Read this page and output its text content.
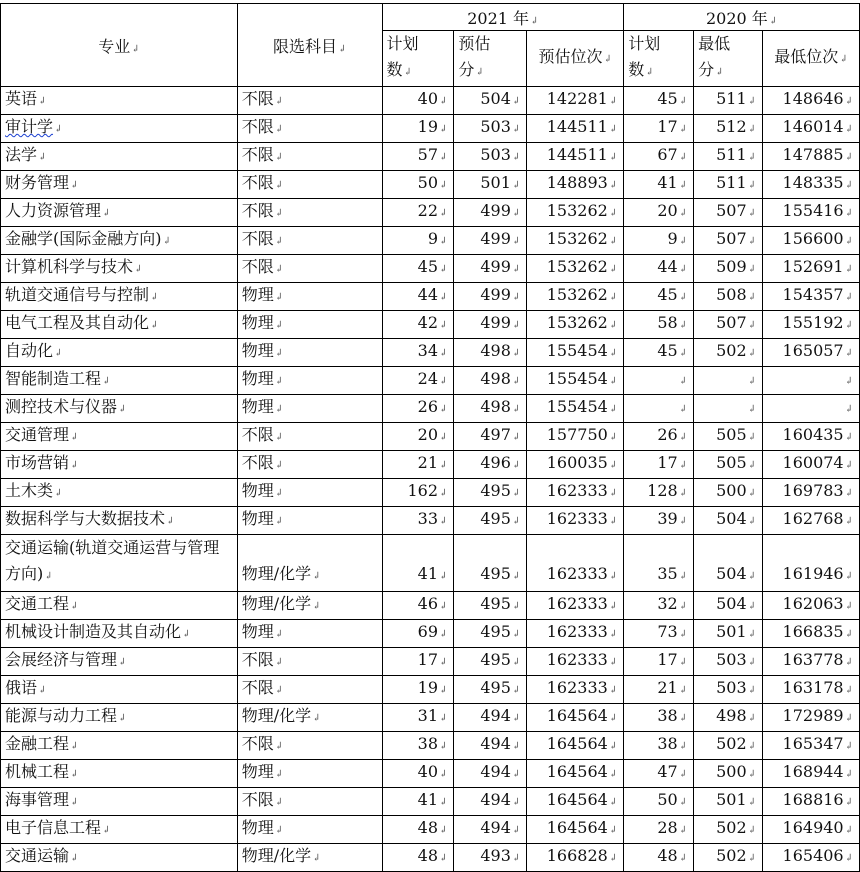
专业↲	限选科目↲	2021 年↲			2020 年↲		
		计划
数↲	预估
分↲	预估位次↲	计划
数↲	最低
分↲	最低位次↲
英语↲	不限↲	40↲	504↲	142281↲	45↲	511↲	148646↲
审计学↲	不限↲	19↲	503↲	144511↲	17↲	512↲	146014↲
法学↲	不限↲	57↲	503↲	144511↲	67↲	511↲	147885↲
财务管理↲	不限↲	50↲	501↲	148893↲	41↲	511↲	148335↲
人力资源管理↲	不限↲	22↲	499↲	153262↲	20↲	507↲	155416↲
金融学(国际金融方向)↲	不限↲	9↲	499↲	153262↲	9↲	507↲	156600↲
计算机科学与技术↲	不限↲	45↲	499↲	153262↲	44↲	509↲	152691↲
轨道交通信号与控制↲	物理↲	44↲	499↲	153262↲	45↲	508↲	154357↲
电气工程及其自动化↲	物理↲	42↲	499↲	153262↲	58↲	507↲	155192↲
自动化↲	物理↲	34↲	498↲	155454↲	45↲	502↲	165057↲
智能制造工程↲	物理↲	24↲	498↲	155454↲	↲	↲	↲
测控技术与仪器↲	物理↲	26↲	498↲	155454↲	↲	↲	↲
交通管理↲	不限↲	20↲	497↲	157750↲	26↲	505↲	160435↲
市场营销↲	不限↲	21↲	496↲	160035↲	17↲	505↲	160074↲
土木类↲	物理↲	162↲	495↲	162333↲	128↲	500↲	169783↲
数据科学与大数据技术↲	物理↲	33↲	495↲	162333↲	39↲	504↲	162768↲
交通运输(轨道交通运营与管理方向)↲	物理/化学↲	41↲	495↲	162333↲	35↲	504↲	161946↲
交通工程↲	物理/化学↲	46↲	495↲	162333↲	32↲	504↲	162063↲
机械设计制造及其自动化↲	物理↲	69↲	495↲	162333↲	73↲	501↲	166835↲
会展经济与管理↲	不限↲	17↲	495↲	162333↲	17↲	503↲	163778↲
俄语↲	不限↲	19↲	495↲	162333↲	21↲	503↲	163178↲
能源与动力工程↲	物理/化学↲	31↲	494↲	164564↲	38↲	498↲	172989↲
金融工程↲	不限↲	38↲	494↲	164564↲	38↲	502↲	165347↲
机械工程↲	物理↲	40↲	494↲	164564↲	47↲	500↲	168944↲
海事管理↲	不限↲	41↲	494↲	164564↲	50↲	501↲	168816↲
电子信息工程↲	物理↲	48↲	494↲	164564↲	28↲	502↲	164940↲
交通运输↲	物理/化学↲	48↲	493↲	166828↲	48↲	502↲	165406↲
